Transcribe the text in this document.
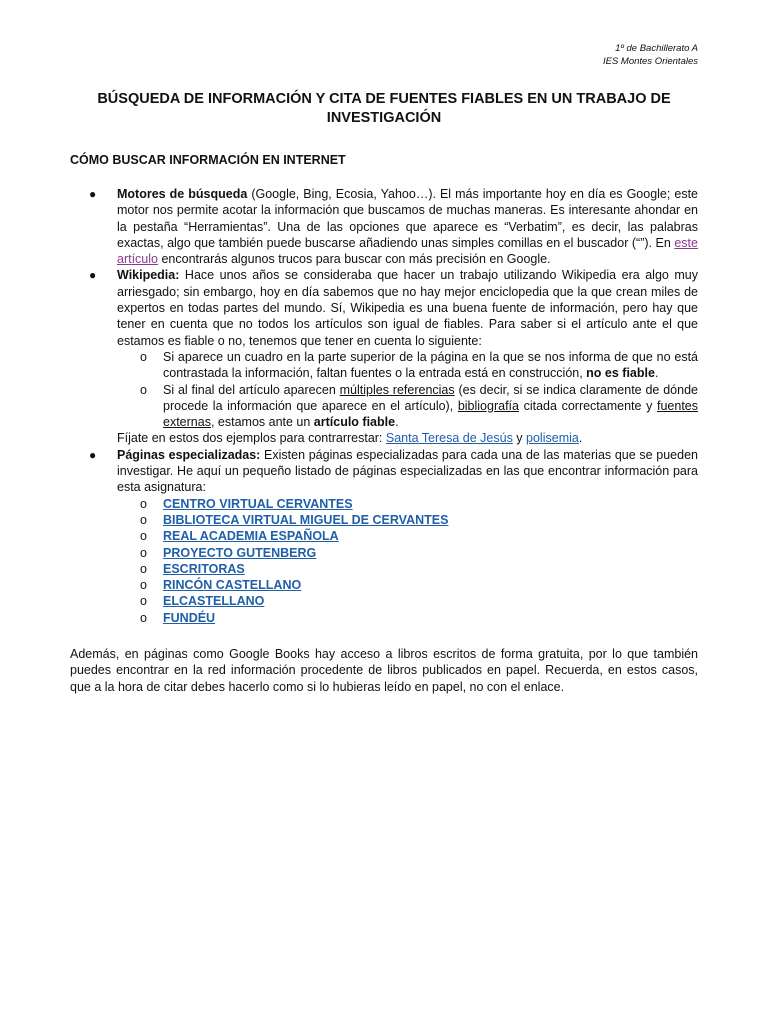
1º de Bachillerato A
IES Montes Orientales
BÚSQUEDA DE INFORMACIÓN Y CITA DE FUENTES FIABLES EN UN TRABAJO DE INVESTIGACIÓN
CÓMO BUSCAR INFORMACIÓN EN INTERNET
● Motores de búsqueda (Google, Bing, Ecosia, Yahoo…). El más importante hoy en día es Google; este motor nos permite acotar la información que buscamos de muchas maneras. Es interesante ahondar en la pestaña “Herramientas”. Una de las opciones que aparece es “Verbatim”, es decir, las palabras exactas, algo que también puede buscarse añadiendo unas simples comillas en el buscador (“”). En este artículo encontrarás algunos trucos para buscar con más precisión en Google.
● Wikipedia: Hace unos años se consideraba que hacer un trabajo utilizando Wikipedia era algo muy arriesgado; sin embargo, hoy en día sabemos que no hay mejor enciclopedia que la que crean miles de expertos en todas partes del mundo. Sí, Wikipedia es una buena fuente de información, pero hay que tener en cuenta que no todos los artículos son igual de fiables. Para saber si el artículo ante el que estamos es fiable o no, tenemos que tener en cuenta lo siguiente:
o Si aparece un cuadro en la parte superior de la página en la que se nos informa de que no está contrastada la información, faltan fuentes o la entrada está en construcción, no es fiable.
o Si al final del artículo aparecen múltiples referencias (es decir, si se indica claramente de dónde procede la información que aparece en el artículo), bibliografía citada correctamente y fuentes externas, estamos ante un artículo fiable.
Fíjate en estos dos ejemplos para contrarrestar: Santa Teresa de Jesús y polisemia.
● Páginas especializadas: Existen páginas especializadas para cada una de las materias que se pueden investigar. He aquí un pequeño listado de páginas especializadas en las que encontrar información para esta asignatura:
o CENTRO VIRTUAL CERVANTES
o BIBLIOTECA VIRTUAL MIGUEL DE CERVANTES
o REAL ACADEMIA ESPAÑOLA
o PROYECTO GUTENBERG
o ESCRITORAS
o RINCÓN CASTELLANO
o ELCASTELLANO
o FUNDÉU
Además, en páginas como Google Books hay acceso a libros escritos de forma gratuita, por lo que también puedes encontrar en la red información procedente de libros publicados en papel. Recuerda, en estos casos, que a la hora de citar debes hacerlo como si lo hubieras leído en papel, no con el enlace.
